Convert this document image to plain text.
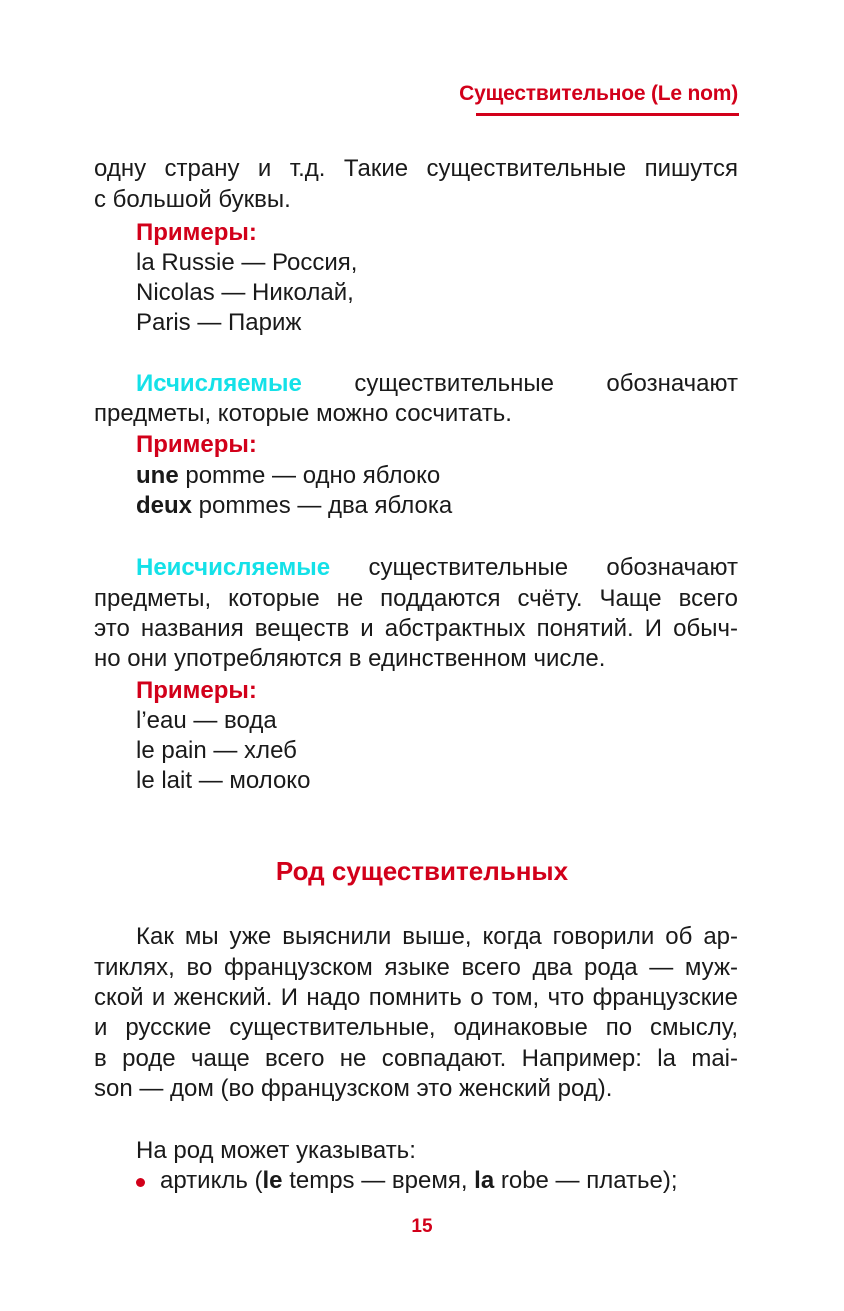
Существительное (Le nom)
одну страну и т.д. Такие существительные пишутся
с большой буквы.
Примеры:
la Russie — Россия,
Nicolas — Николай,
Paris — Париж
Исчисляемые существительные обозначают
предметы, которые можно сосчитать.
Примеры:
une pomme — одно яблоко
deux pommes — два яблока
Неисчисляемые существительные обозначают
предметы, которые не поддаются счёту. Чаще всего
это названия веществ и абстрактных понятий. И обыч-
но они употребляются в единственном числе.
Примеры:
l’eau — вода
le pain — хлеб
le lait — молоко
Род существительных
Как мы уже выяснили выше, когда говорили об ар-
тиклях, во французском языке всего два рода — муж-
ской и женский. И надо помнить о том, что французские
и русские существительные, одинаковые по смыслу,
в роде чаще всего не совпадают. Например: la mai-
son — дом (во французском это женский род).
На род может указывать:
артикль (le temps — время, la robe — платье);
15
